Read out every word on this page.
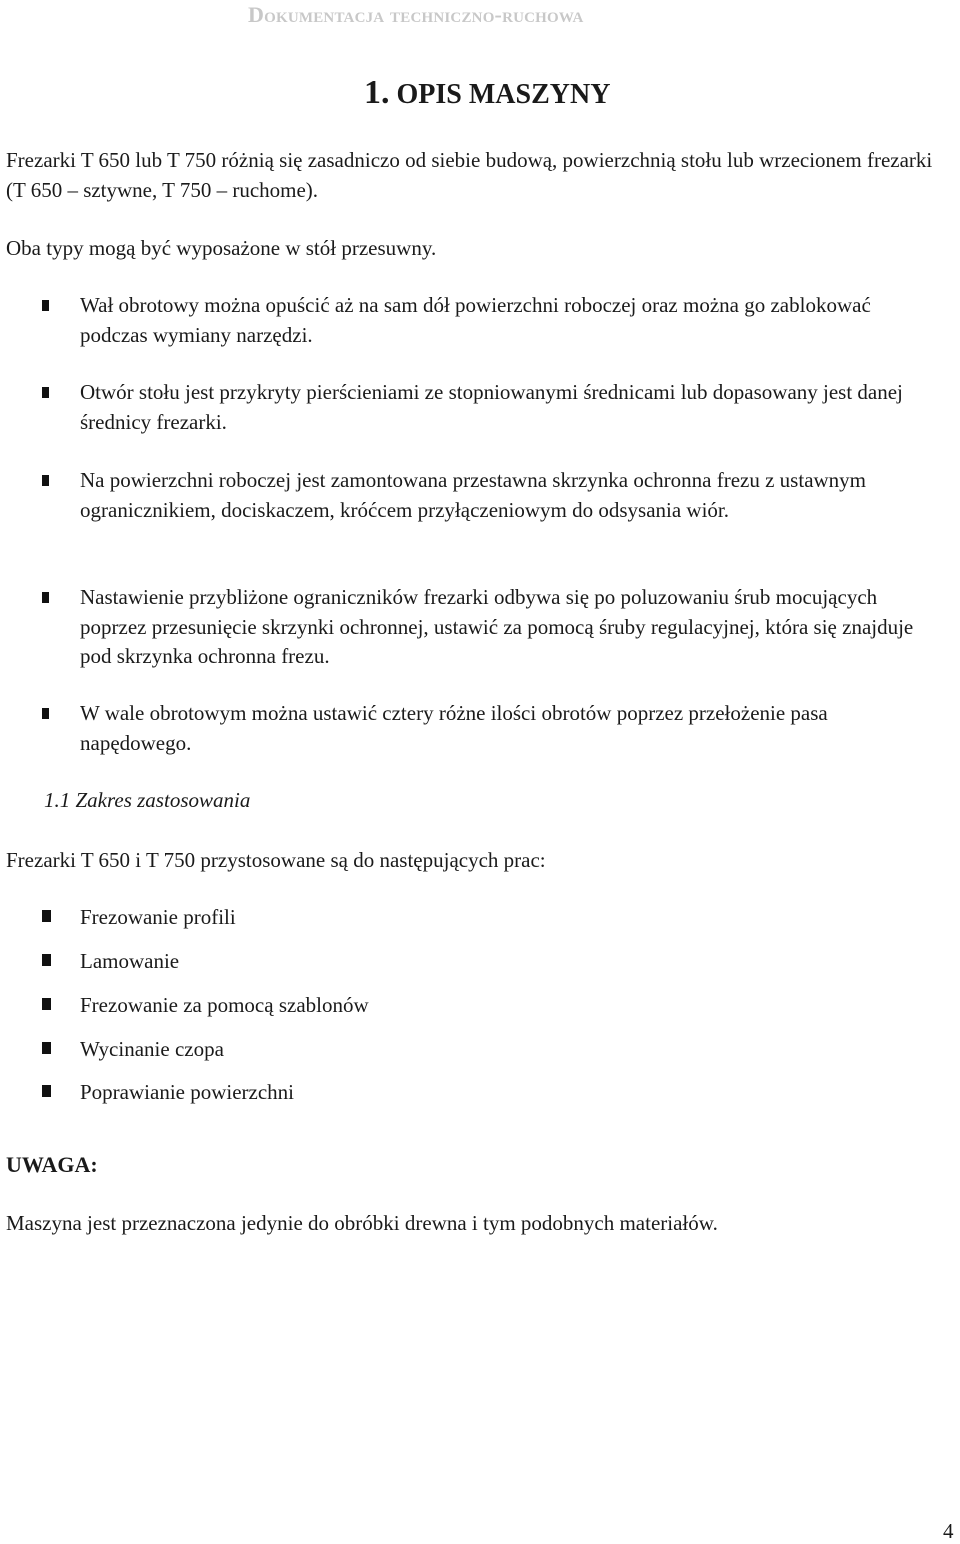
Dokumentacja techniczno-ruchowa
1. OPIS MASZYNY
Frezarki T 650 lub T 750 różnią się zasadniczo od siebie budową, powierzchnią stołu lub wrzecionem frezarki (T 650 – sztywne, T 750 – ruchome).
Oba typy mogą być wyposażone w stół przesuwny.
Wał obrotowy można opuścić aż na sam dół powierzchni roboczej oraz można go zablokować podczas wymiany narzędzi.
Otwór stołu jest przykryty pierścieniami ze stopniowanymi średnicami lub dopasowany jest danej średnicy frezarki.
Na powierzchni roboczej jest zamontowana przestawna skrzynka ochronna frezu z ustawnym ogranicznikiem, dociskaczem, króćcem przyłączeniowym do odsysania wiór.
Nastawienie przybliżone ograniczników frezarki odbywa się po poluzowaniu śrub mocujących poprzez przesunięcie skrzynki ochronnej, ustawić za pomocą śruby regulacyjnej, która się znajduje pod skrzynka ochronna frezu.
W wale obrotowym można ustawić cztery różne ilości obrotów poprzez przełożenie pasa napędowego.
1.1 Zakres zastosowania
Frezarki T 650 i T 750 przystosowane są do następujących prac:
Frezowanie profili
Lamowanie
Frezowanie za pomocą szablonów
Wycinanie czopa
Poprawianie powierzchni
UWAGA:
Maszyna jest przeznaczona jedynie do obróbki drewna i tym podobnych materiałów.
4
